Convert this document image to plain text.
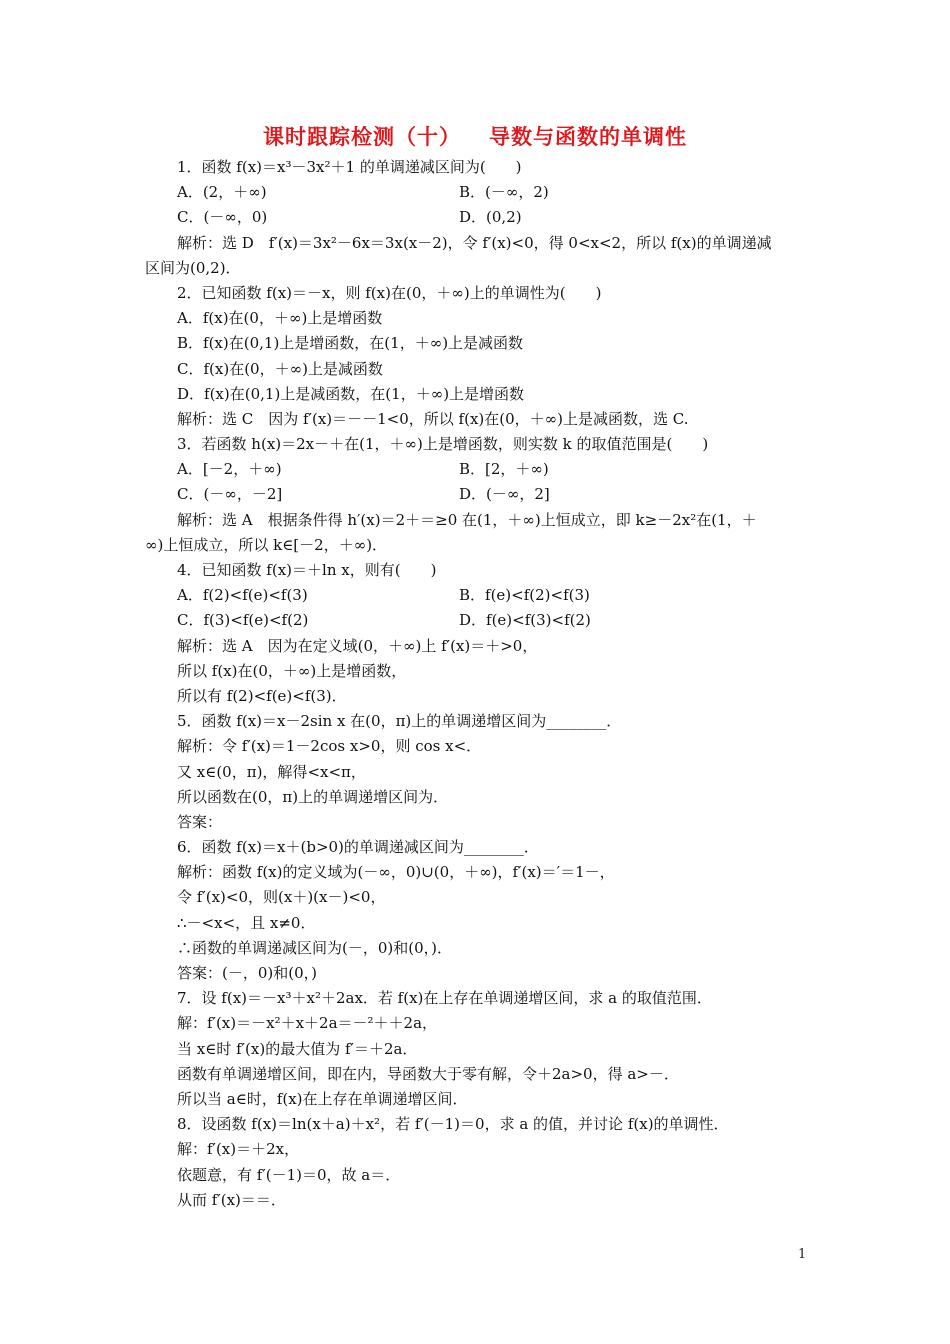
课时跟踪检测（十） 导数与函数的单调性
1．函数 f(x)＝x³－3x²＋1 的单调递减区间为(　　)
A．(2，＋∞)	B．(－∞，2)
C．(－∞，0)	D．(0,2)
解析：选 D　f′(x)＝3x²－6x＝3x(x－2)，令 f′(x)<0，得 0<x<2，所以 f(x)的单调递减
区间为(0,2)．
2．已知函数 f(x)＝－x，则 f(x)在(0，＋∞)上的单调性为(　　)
A．f(x)在(0，＋∞)上是增函数
B．f(x)在(0,1)上是增函数，在(1，＋∞)上是减函数
C．f(x)在(0，＋∞)上是减函数
D．f(x)在(0,1)上是减函数，在(1，＋∞)上是增函数
解析：选 C　因为 f′(x)＝－－1<0，所以 f(x)在(0，＋∞)上是减函数，选 C.
3．若函数 h(x)＝2x－＋在(1，＋∞)上是增函数，则实数 k 的取值范围是(　　)
A．[－2，＋∞)	B．[2，＋∞)
C．(－∞，－2]	D．(－∞，2]
解析：选 A　根据条件得 h′(x)＝2＋＝≥0 在(1，＋∞)上恒成立，即 k≥－2x²在(1，＋
∞)上恒成立，所以 k∈[－2，＋∞)．
4．已知函数 f(x)＝＋ln x，则有(　　)
A．f(2)<f(e)<f(3)	B．f(e)<f(2)<f(3)
C．f(3)<f(e)<f(2)	D．f(e)<f(3)<f(2)
解析：选 A　因为在定义域(0，＋∞)上 f′(x)＝＋>0，
所以 f(x)在(0，＋∞)上是增函数，
所以有 f(2)<f(e)<f(3)．
5．函数 f(x)＝x－2sin x 在(0，π)上的单调递增区间为________．
解析：令 f′(x)＝1－2cos x>0，则 cos x<．
又 x∈(0，π)，解得<x<π，
所以函数在(0，π)上的单调递增区间为．
答案：
6．函数 f(x)＝x＋(b>0)的单调递减区间为________．
解析：函数 f(x)的定义域为(－∞，0)∪(0，＋∞)，f′(x)＝′＝1－，
令 f′(x)<0，则(x＋)(x－)<0，
∴－<x<，且 x≠0．
∴函数的单调递减区间为(－，0)和(0，)．
答案：(－，0)和(0，)
7．设 f(x)＝－x³＋x²＋2ax．若 f(x)在上存在单调递增区间，求 a 的取值范围．
解：f′(x)＝－x²＋x＋2a＝－²＋＋2a，
当 x∈时 f′(x)的最大值为 f′＝＋2a．
函数有单调递增区间，即在内，导函数大于零有解，令＋2a>0，得 a>－．
所以当 a∈时，f(x)在上存在单调递增区间．
8．设函数 f(x)＝ln(x＋a)＋x²，若 f′(－1)＝0，求 a 的值，并讨论 f(x)的单调性．
解：f′(x)＝＋2x，
依题意，有 f′(－1)＝0，故 a＝．
从而 f′(x)＝＝．
1
